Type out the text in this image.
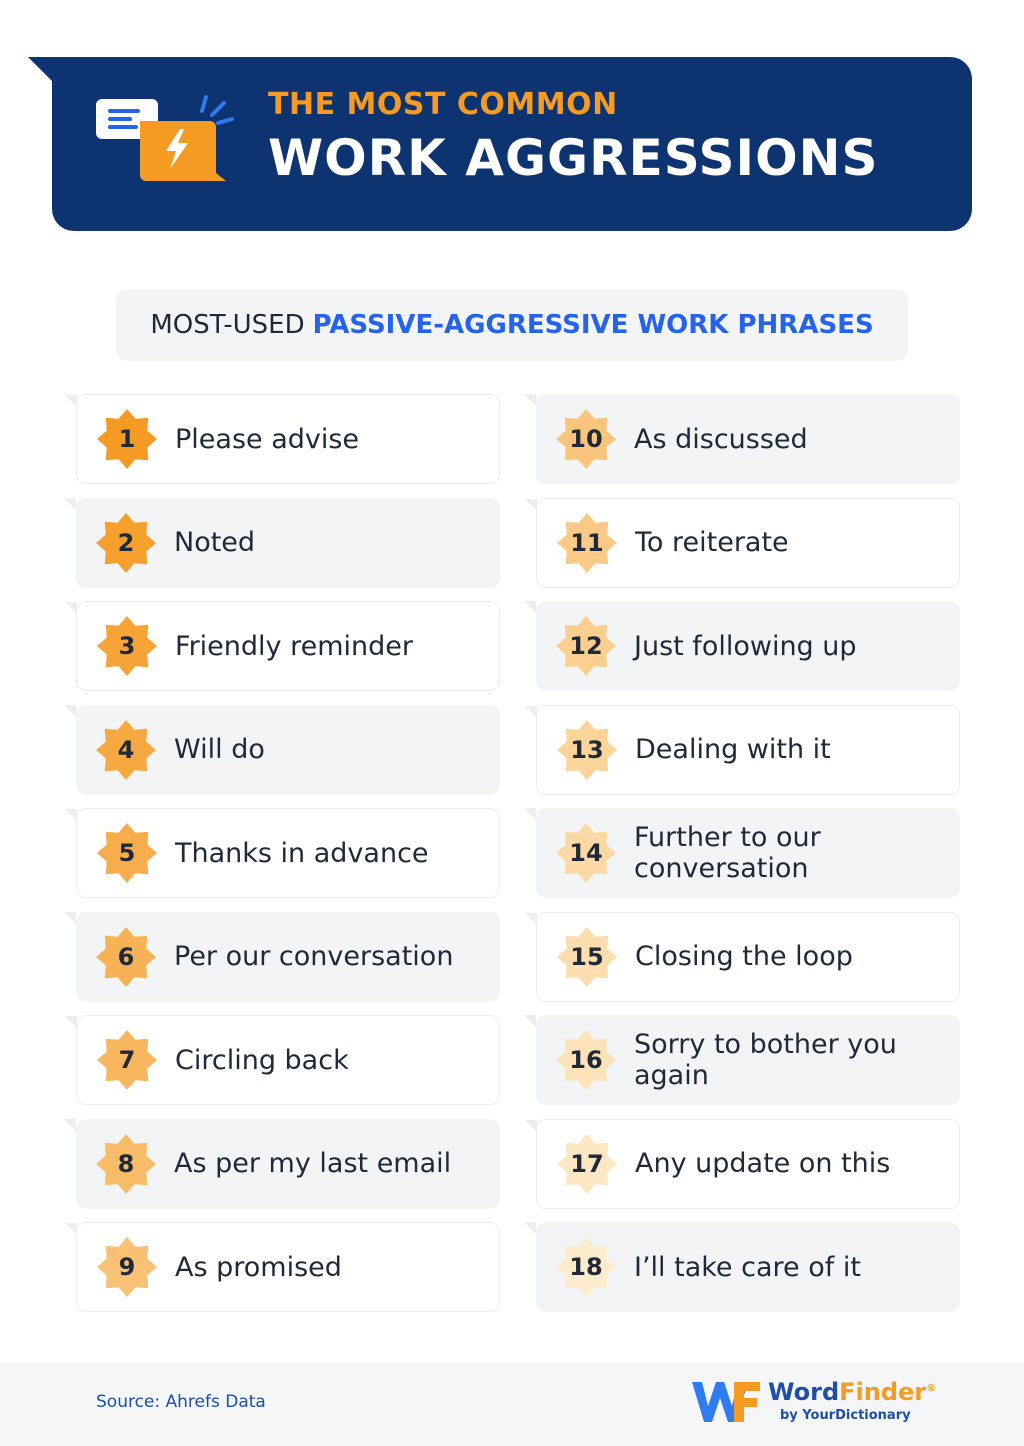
THE MOST COMMON
WORK AGGRESSIONS
MOST-USED PASSIVE-AGGRESSIVE WORK PHRASES
1	Please advise
2	Noted
3	Friendly reminder
4	Will do
5	Thanks in advance
6	Per our conversation
7	Circling back
8	As per my last email
9	As promised
10	As discussed
11	To reiterate
12	Just following up
13	Dealing with it
14	Further to our conversation
15	Closing the loop
16	Sorry to bother you again
17	Any update on this
18	I’ll take care of it
Source: Ahrefs Data	WordFinder®
by YourDictionary
